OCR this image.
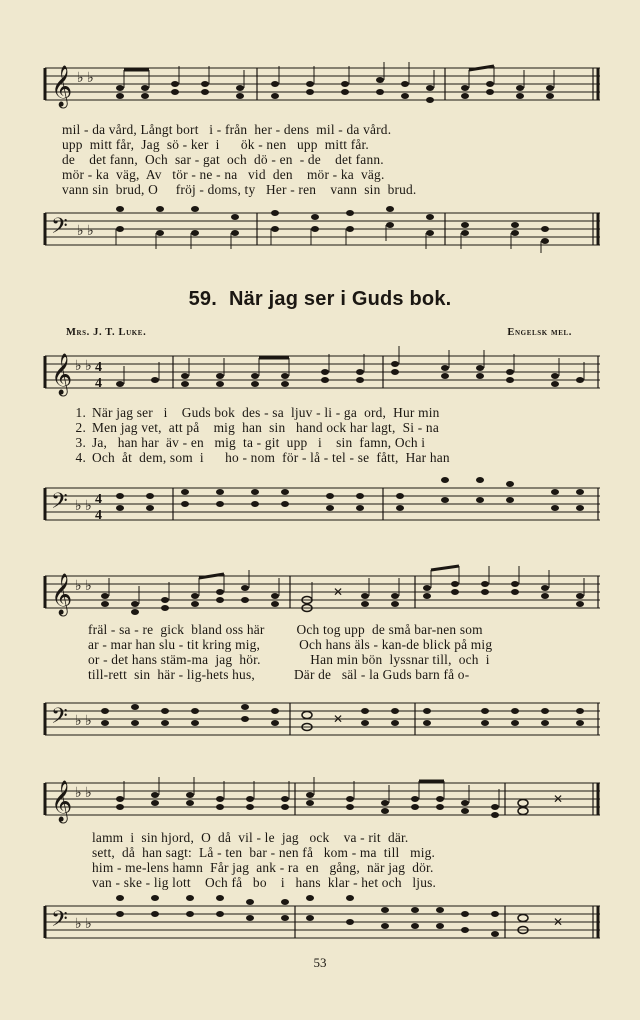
𝄞 ♭ ♭
mil - da vård, Långt bort   i - från  her - dens  mil - da vård.
upp  mitt får,  Jag  sö - ker  i      ök - nen   upp  mitt får.
de    det fann,  Och  sar - gat  och  dö - en  - de    det fann.
mör - ka  väg,  Av   tör - ne - na   vid  den    mör - ka  väg.
vann sin  brud, O     fröj - doms, ty   Her - ren    vann  sin  brud.
𝄢 ♭ ♭
59. När jag ser i Guds bok.
Mrs. J. T. Luke.	Engelsk mel.
𝄞 ♭ ♭ 4
4
1. När jag ser   i    Guds bok  des - sa  ljuv - li - ga  ord,  Hur min
2. Men jag vet,  att på    mig  han  sin   hand ock har lagt,  Si - na
3. Ja,   han har  äv - en   mig  ta - git  upp   i    sin  famn, Och i
4. Och  åt  dem, som  i      ho - nom  för - lå - tel - se  fått,  Har han
𝄢 ♭ ♭ 4
4
𝄞 ♭ ♭	✕
fräl - sa - re  gick  bland oss här         Och tog upp  de små bar-nen som
ar - mar han slu - tit kring mig,           Och hans äls - kan-de blick på mig
or - det hans stäm-ma  jag  hör.              Han min bön  lyssnar till,  och  i
till-rett  sin  här - lig-hets hus,           Där de   säl - la Guds barn få o-
𝄢 ♭ ♭	✕
𝄞 ♭ ♭	✕
lamm  i  sin hjord,  O  då  vil - le  jag   ock    va - rit  där.
sett,  då  han sagt:  Lå - ten  bar - nen få   kom - ma  till   mig.
him - me-lens hamn  Får jag  ank - ra  en   gång,  när jag  dör.
van - ske - lig lott    Och få   bo    i   hans  klar - het och   ljus.
𝄢 ♭ ♭	✕
53
